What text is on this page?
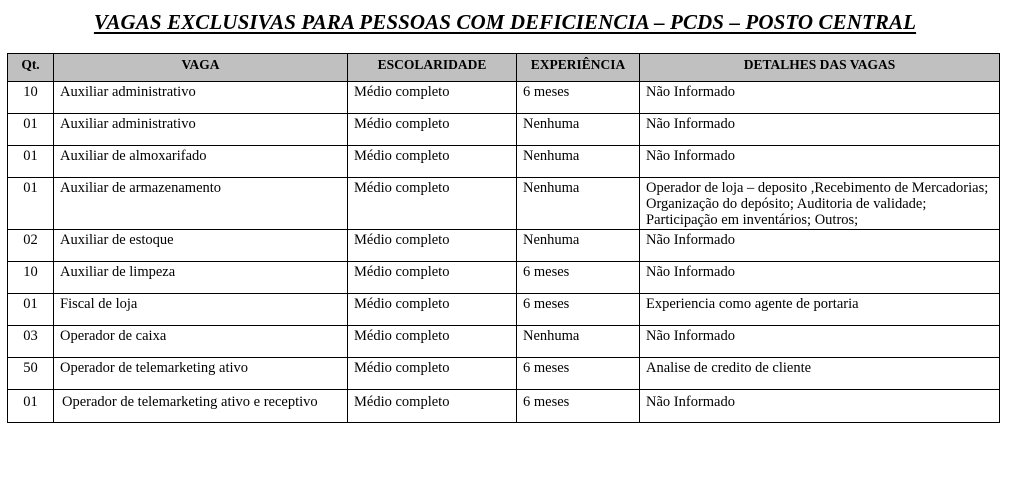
VAGAS EXCLUSIVAS PARA PESSOAS COM DEFICIENCIA – PCDS – POSTO CENTRAL
Qt.	VAGA	ESCOLARIDADE	EXPERIÊNCIA	DETALHES DAS VAGAS
10	Auxiliar administrativo	Médio completo	6 meses	Não Informado
01	Auxiliar administrativo	Médio completo	Nenhuma	Não Informado
01	Auxiliar de almoxarifado	Médio completo	Nenhuma	Não Informado
01	Auxiliar de armazenamento	Médio completo	Nenhuma	Operador de loja – deposito ,Recebimento de Mercadorias; Organização do depósito; Auditoria de validade; Participação em inventários; Outros;
02	Auxiliar de estoque	Médio completo	Nenhuma	Não Informado
10	Auxiliar de limpeza	Médio completo	6 meses	Não Informado
01	Fiscal de loja	Médio completo	6 meses	Experiencia como agente de portaria
03	Operador de caixa	Médio completo	Nenhuma	Não Informado
50	Operador de telemarketing ativo	Médio completo	6 meses	Analise de credito de cliente
01	Operador de telemarketing ativo e receptivo	Médio completo	6 meses	Não Informado
